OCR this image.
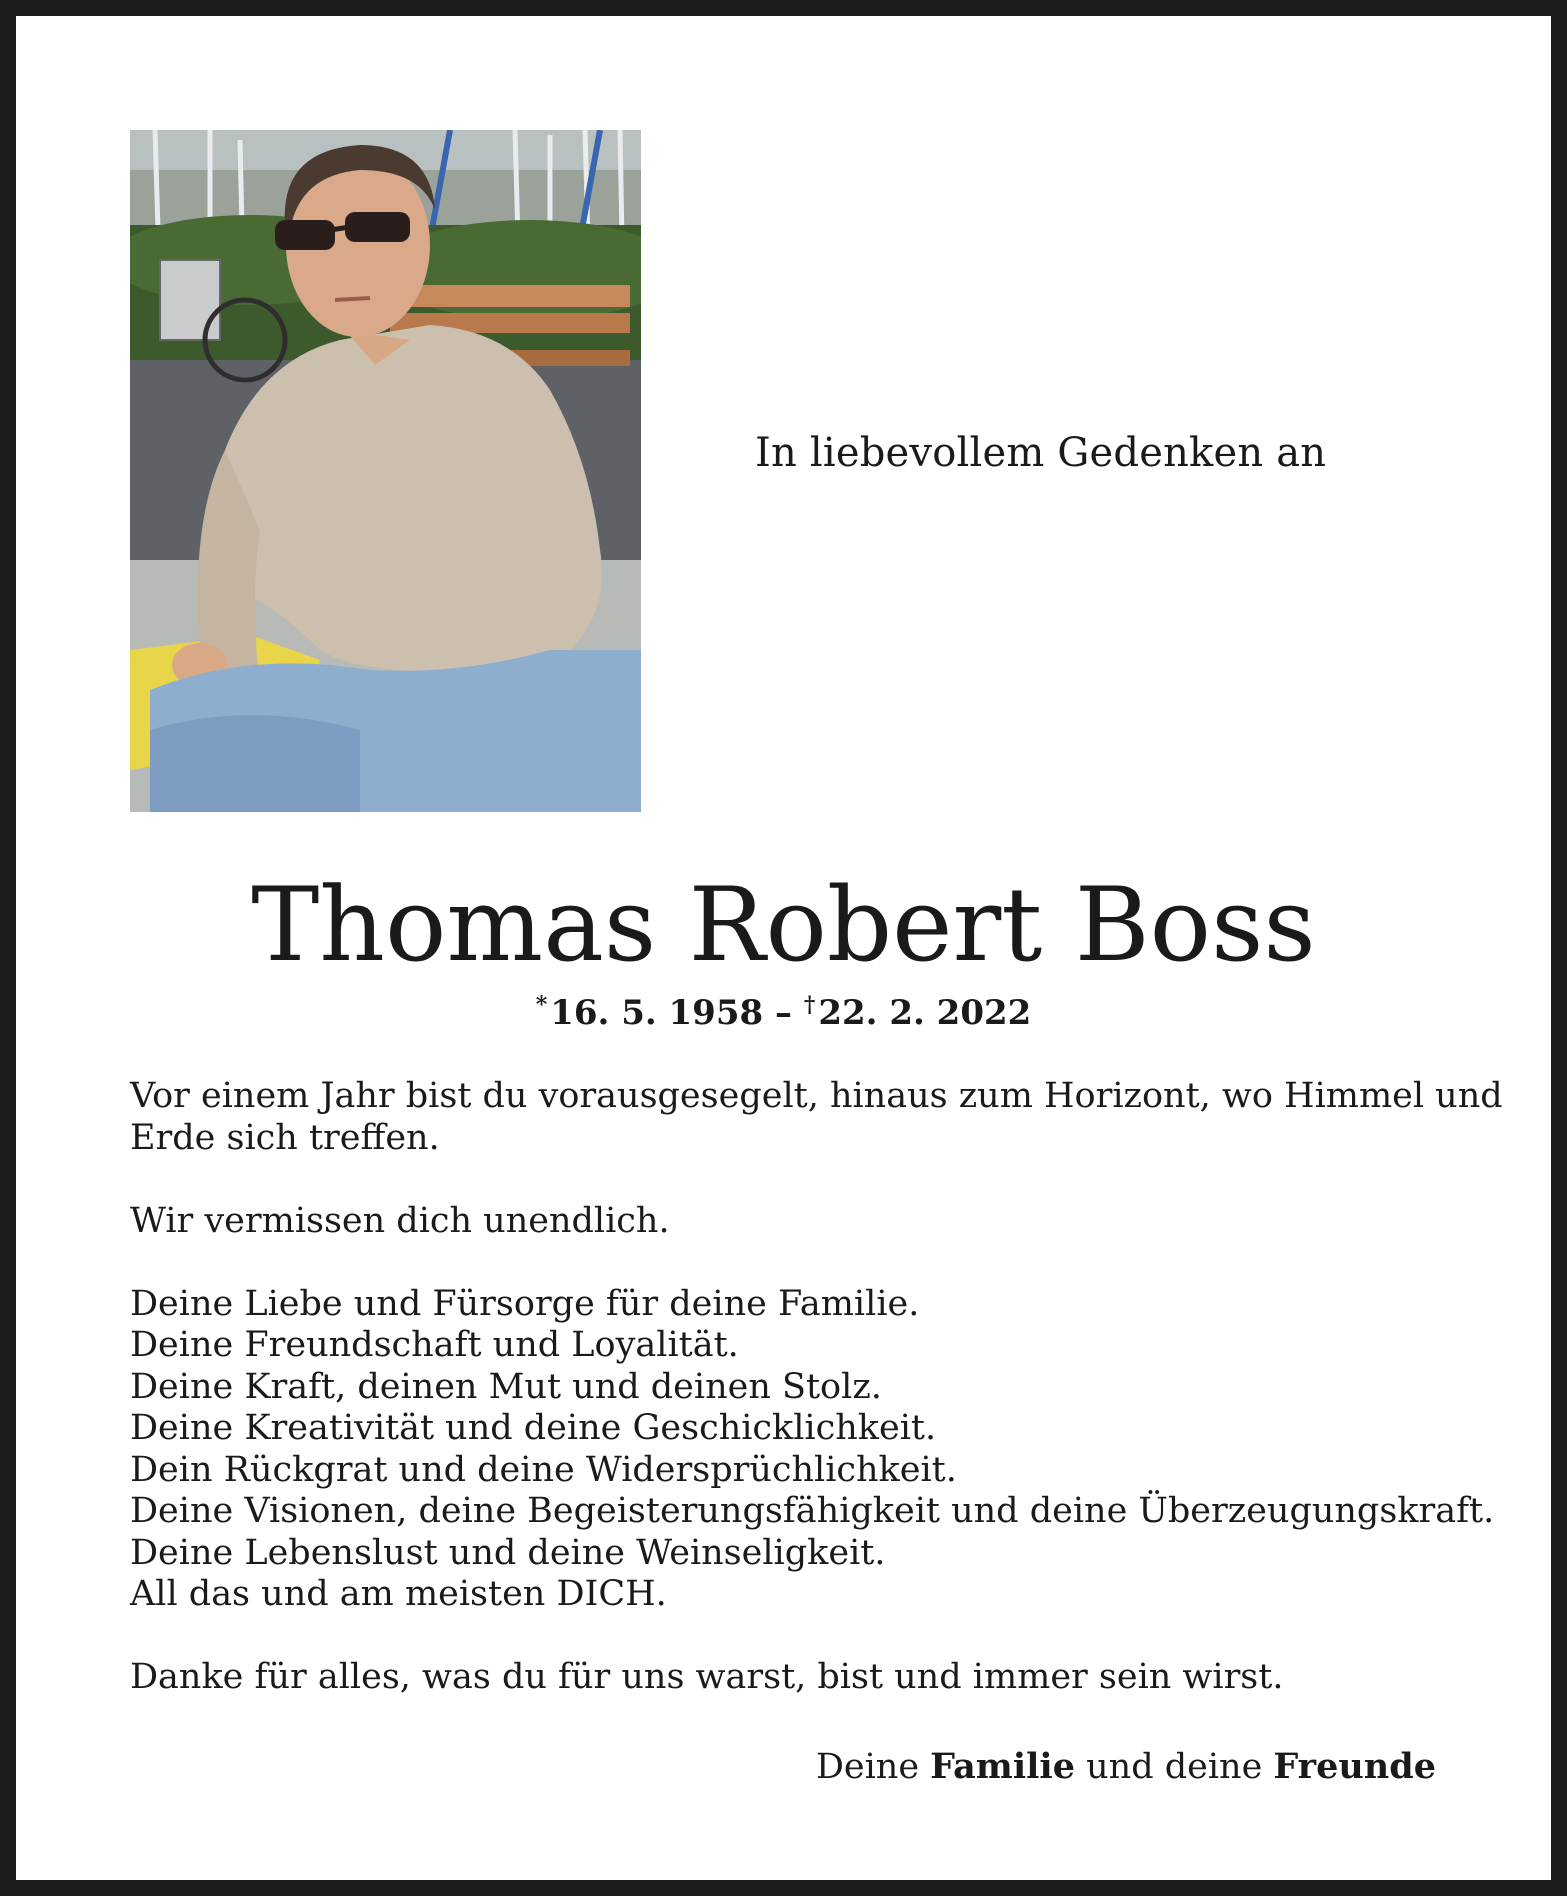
In liebevollem Gedenken an
Thomas Robert Boss
*16. 5. 1958 – †22. 2. 2022
Vor einem Jahr bist du vorausgesegelt, hinaus zum Horizont, wo Himmel und
Erde sich treffen.
Wir vermissen dich unendlich.
Deine Liebe und Fürsorge für deine Familie.
Deine Freundschaft und Loyalität.
Deine Kraft, deinen Mut und deinen Stolz.
Deine Kreativität und deine Geschicklichkeit.
Dein Rückgrat und deine Widersprüchlichkeit.
Deine Visionen, deine Begeisterungsfähigkeit und deine Überzeugungskraft.
Deine Lebenslust und deine Weinseligkeit.
All das und am meisten DICH.
Danke für alles, was du für uns warst, bist und immer sein wirst.
Deine Familie und deine Freunde
